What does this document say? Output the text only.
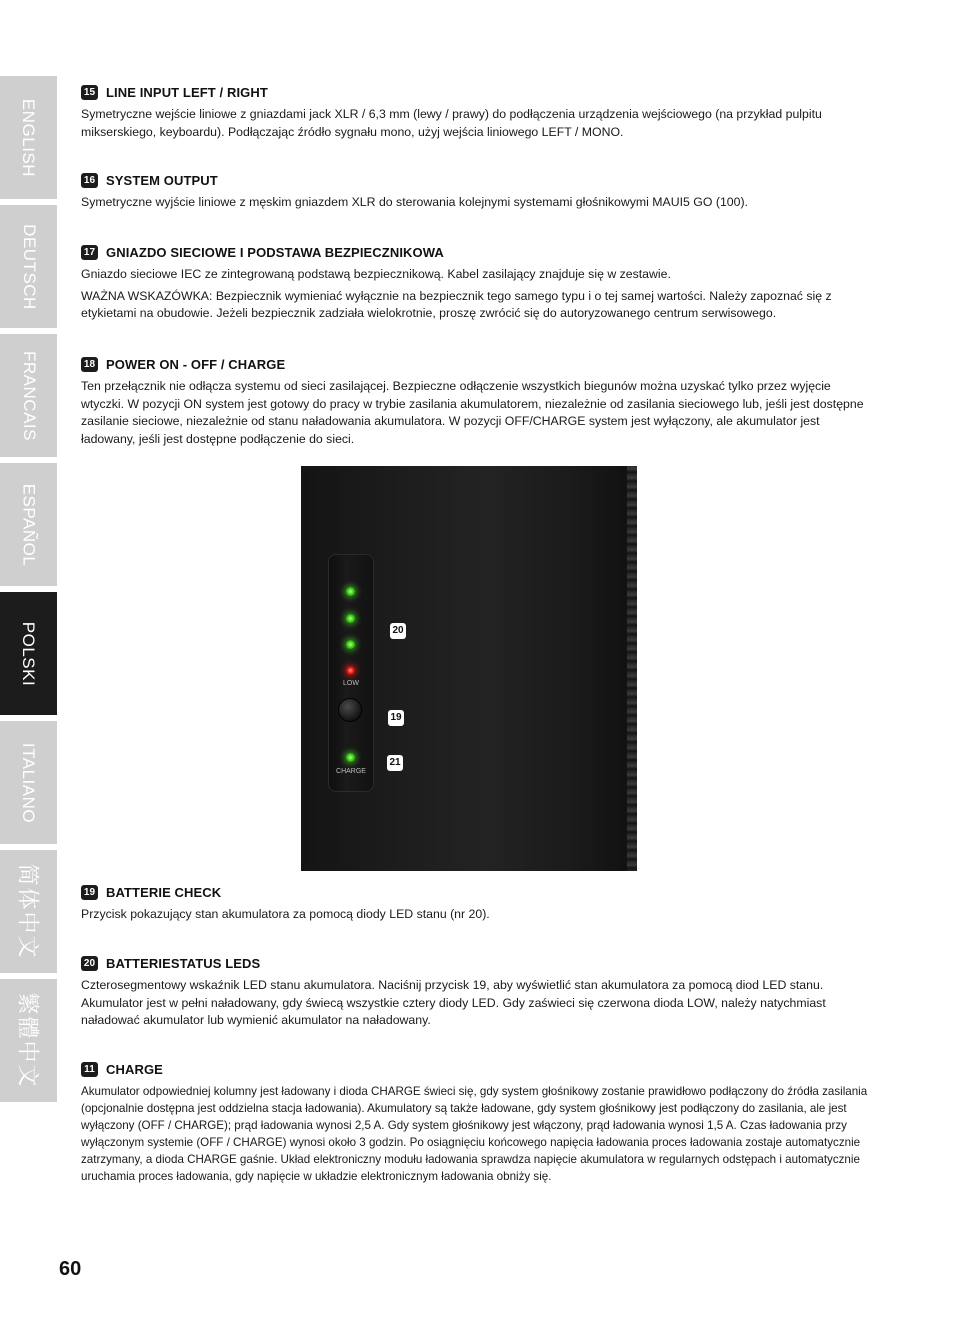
ENGLISH
DEUTSCH
FRANCAIS
ESPAÑOL
POLSKI
ITALIANO
简体中文
繁體中文
15 LINE INPUT LEFT / RIGHT

Symetryczne wejście liniowe z gniazdami jack XLR / 6,3 mm (lewy / prawy) do podłączenia urządzenia wejściowego (na przykład pulpitu mikserskiego, keyboardu). Podłączając źródło sygnału mono, użyj wejścia liniowego LEFT / MONO.

16 SYSTEM OUTPUT

Symetryczne wyjście liniowe z męskim gniazdem XLR do sterowania kolejnymi systemami głośnikowymi MAUI5 GO (100).

17 GNIAZDO SIECIOWE I PODSTAWA BEZPIECZNIKOWA

Gniazdo sieciowe IEC ze zintegrowaną podstawą bezpiecznikową. Kabel zasilający znajduje się w zestawie.

WAŻNA WSKAZÓWKA: Bezpiecznik wymieniać wyłącznie na bezpiecznik tego samego typu i o tej samej wartości. Należy zapoznać się z etykietami na obudowie. Jeżeli bezpiecznik zadziała wielokrotnie, proszę zwrócić się do autoryzowanego centrum serwisowego.

18 POWER ON - OFF / CHARGE

Ten przełącznik nie odłącza systemu od sieci zasilającej. Bezpieczne odłączenie wszystkich biegunów można uzyskać tylko przez wyjęcie wtyczki. W pozycji ON system jest gotowy do pracy w trybie zasilania akumulatorem, niezależnie od zasilania sieciowego lub, jeśli jest dostępne zasilanie sieciowe, niezależnie od stanu naładowania akumulatora. W pozycji OFF/CHARGE system jest wyłączony, ale akumulator jest ładowany, jeśli jest dostępne podłączenie do sieci.

19 BATTERIE CHECK

Przycisk pokazujący stan akumulatora za pomocą diody LED stanu (nr 20).

20 BATTERIESTATUS LEDS

Czterosegmentowy wskaźnik LED stanu akumulatora. Naciśnij przycisk 19, aby wyświetlić stan akumulatora za pomocą diod LED stanu. Akumulator jest w pełni naładowany, gdy świecą wszystkie cztery diody LED. Gdy zaświeci się czerwona dioda LOW, należy natychmiast naładować akumulator lub wymienić akumulator na naładowany.

11 CHARGE

Akumulator odpowiedniej kolumny jest ładowany i dioda CHARGE świeci się, gdy system głośnikowy zostanie prawidłowo podłączony do źródła zasilania (opcjonalnie dostępna jest oddzielna stacja ładowania). Akumulatory są także ładowane, gdy system głośnikowy jest podłączony do zasilania, ale jest wyłączony (OFF / CHARGE); prąd ładowania wynosi 2,5 A. Gdy system głośnikowy jest włączony, prąd ładowania wynosi 1,5 A. Czas ładowania przy wyłączonym systemie (OFF / CHARGE) wynosi około 3 godzin. Po osiągnięciu końcowego napięcia ładowania proces ładowania zostaje automatycznie zatrzymany, a dioda CHARGE gaśnie. Układ elektroniczny modułu ładowania sprawdza napięcie akumulatora w regularnych odstępach i automatycznie uruchamia proces ładowania, gdy napięcie w układzie elektronicznym ładowania obniży się.

LOW
CHARGE
20
19
21
60
